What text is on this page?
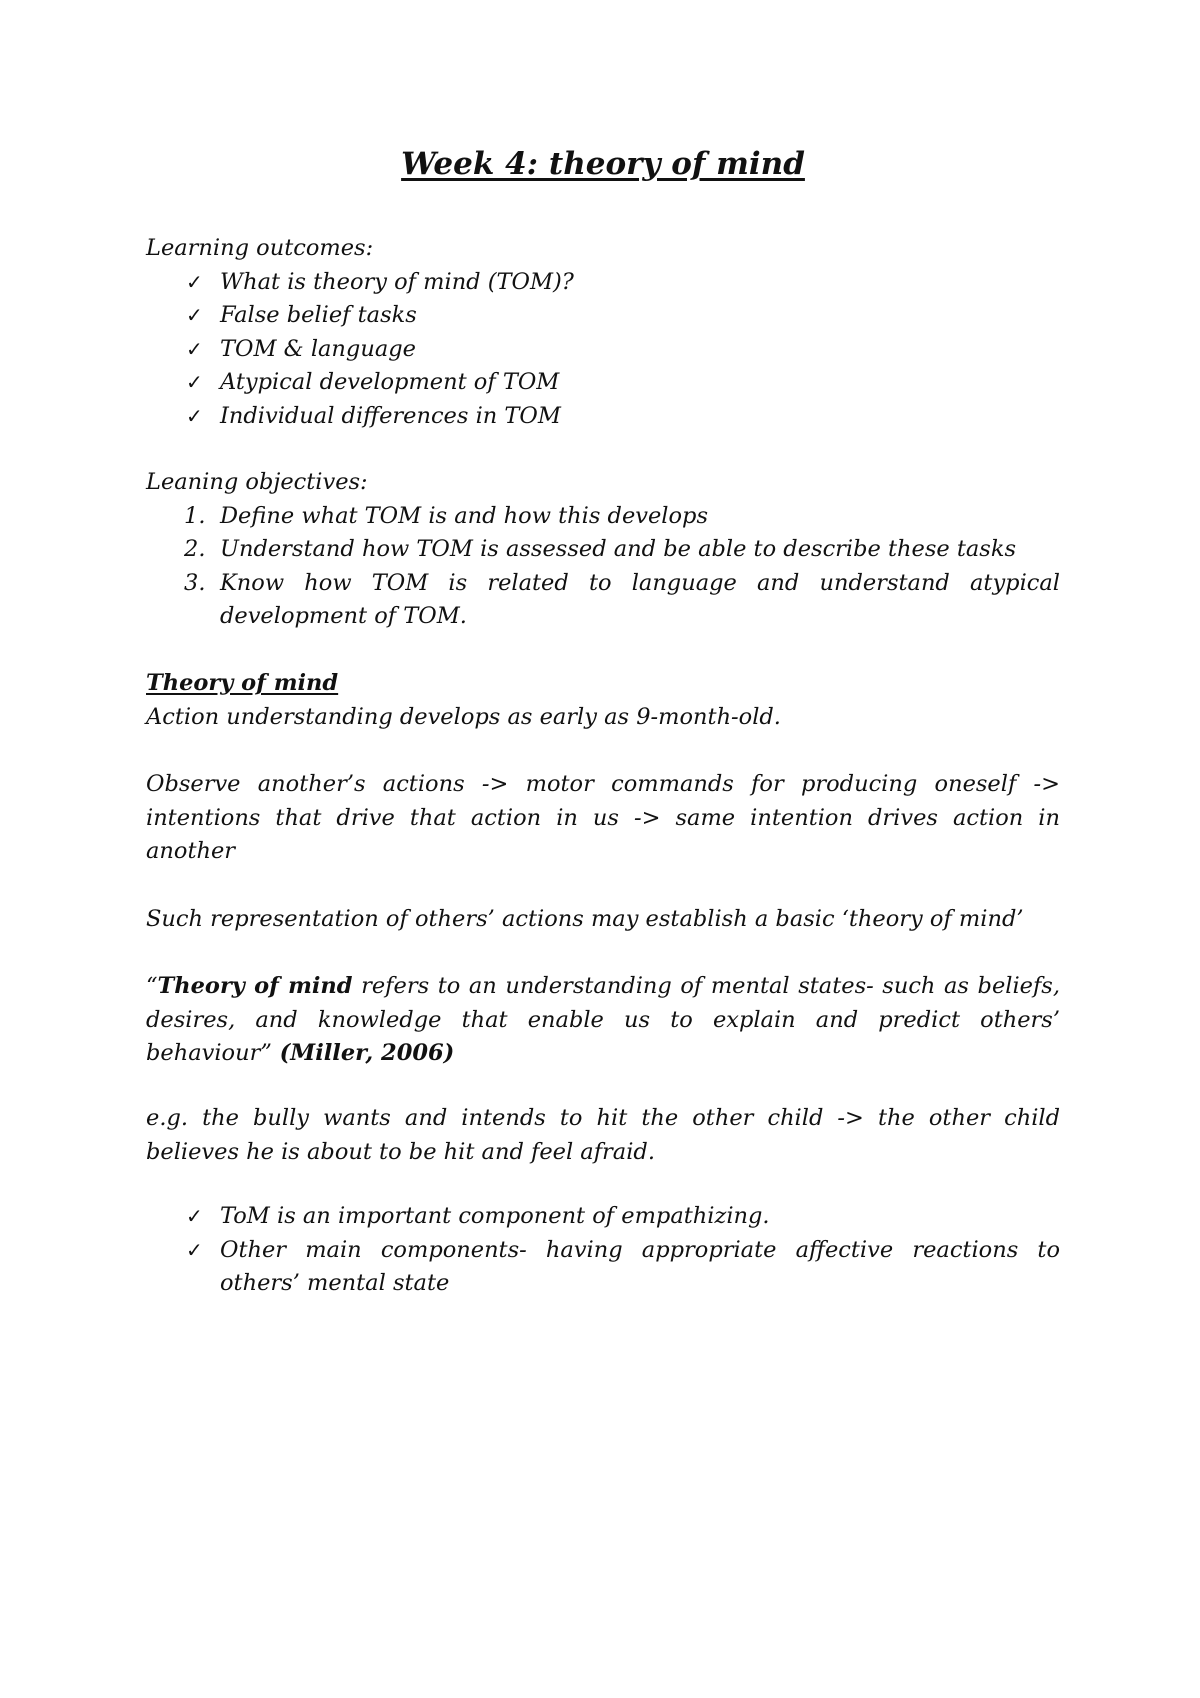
Week 4: theory of mind

Learning outcomes:

✓ What is theory of mind (TOM)?
✓ False belief tasks
✓ TOM & language
✓ Atypical development of TOM
✓ Individual differences in TOM

Leaning objectives:

1. Define what TOM is and how this develops
2. Understand how TOM is assessed and be able to describe these tasks
3. Know how TOM is related to language and understand atypical development of TOM.

Theory of mind

Action understanding develops as early as 9-month-old.

Observe another’s actions -> motor commands for producing oneself -> intentions that drive that action in us -> same intention drives action in another
Such representation of others’ actions may establish a basic ‘theory of mind’
“Theory of mind refers to an understanding of mental states- such as beliefs, desires, and knowledge that enable us to explain and predict others’ behaviour” (Miller, 2006)
e.g. the bully wants and intends to hit the other child -> the other child believes he is about to be hit and feel afraid.
✓ ToM is an important component of empathizing.
✓ Other main components- having appropriate affective reactions to others’ mental state
